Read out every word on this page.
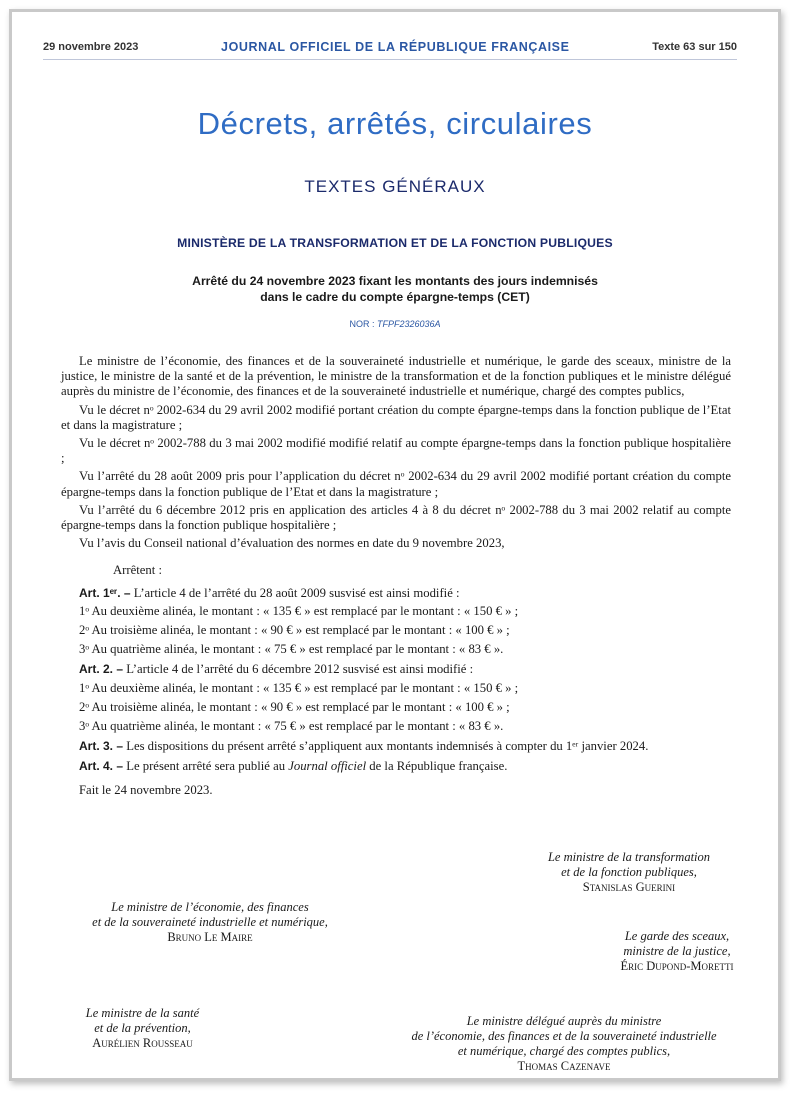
29 novembre 2023	JOURNAL OFFICIEL DE LA RÉPUBLIQUE FRANÇAISE	Texte 63 sur 150
Décrets, arrêtés, circulaires
TEXTES GÉNÉRAUX
MINISTÈRE DE LA TRANSFORMATION ET DE LA FONCTION PUBLIQUES
Arrêté du 24 novembre 2023 fixant les montants des jours indemnisés
dans le cadre du compte épargne-temps (CET)
NOR : TFPF2326036A

Le ministre de l’économie, des finances et de la souveraineté industrielle et numérique, le garde des sceaux, ministre de la justice, le ministre de la santé et de la prévention, le ministre de la transformation et de la fonction publiques et le ministre délégué auprès du ministre de l’économie, des finances et de la souveraineté industrielle et numérique, chargé des comptes publics,

Vu le décret nᵒ 2002-634 du 29 avril 2002 modifié portant création du compte épargne-temps dans la fonction publique de l’Etat et dans la magistrature ;

Vu le décret nᵒ 2002-788 du 3 mai 2002 modifié modifié relatif au compte épargne-temps dans la fonction publique hospitalière ;

Vu l’arrêté du 28 août 2009 pris pour l’application du décret nᵒ 2002-634 du 29 avril 2002 modifié portant création du compte épargne-temps dans la fonction publique de l’Etat et dans la magistrature ;

Vu l’arrêté du 6 décembre 2012 pris en application des articles 4 à 8 du décret nᵒ 2002-788 du 3 mai 2002 relatif au compte épargne-temps dans la fonction publique hospitalière ;

Vu l’avis du Conseil national d’évaluation des normes en date du 9 novembre 2023,

Arrêtent :

Art. 1ᵉʳ. – L’article 4 de l’arrêté du 28 août 2009 susvisé est ainsi modifié :

1ᵒ Au deuxième alinéa, le montant : « 135 € » est remplacé par le montant : « 150 € » ;

2ᵒ Au troisième alinéa, le montant : « 90 € » est remplacé par le montant : « 100 € » ;

3ᵒ Au quatrième alinéa, le montant : « 75 € » est remplacé par le montant : « 83 € ».

Art. 2. – L’article 4 de l’arrêté du 6 décembre 2012 susvisé est ainsi modifié :

1ᵒ Au deuxième alinéa, le montant : « 135 € » est remplacé par le montant : « 150 € » ;

2ᵒ Au troisième alinéa, le montant : « 90 € » est remplacé par le montant : « 100 € » ;

3ᵒ Au quatrième alinéa, le montant : « 75 € » est remplacé par le montant : « 83 € ».

Art. 3. – Les dispositions du présent arrêté s’appliquent aux montants indemnisés à compter du 1ᵉʳ janvier 2024.

Art. 4. – Le présent arrêté sera publié au Journal officiel de la République française.

Fait le 24 novembre 2023.

Le ministre de la transformation
et de la fonction publiques,
Stanislas Guerini
Le ministre de l’économie, des finances
et de la souveraineté industrielle et numérique,
Bruno Le Maire	Le garde des sceaux,
ministre de la justice,
Éric Dupond-Moretti
Le ministre de la santé
et de la prévention,
Aurélien Rousseau
Le ministre délégué auprès du ministre
de l’économie, des finances et de la souveraineté industrielle
et numérique, chargé des comptes publics,
Thomas Cazenave
